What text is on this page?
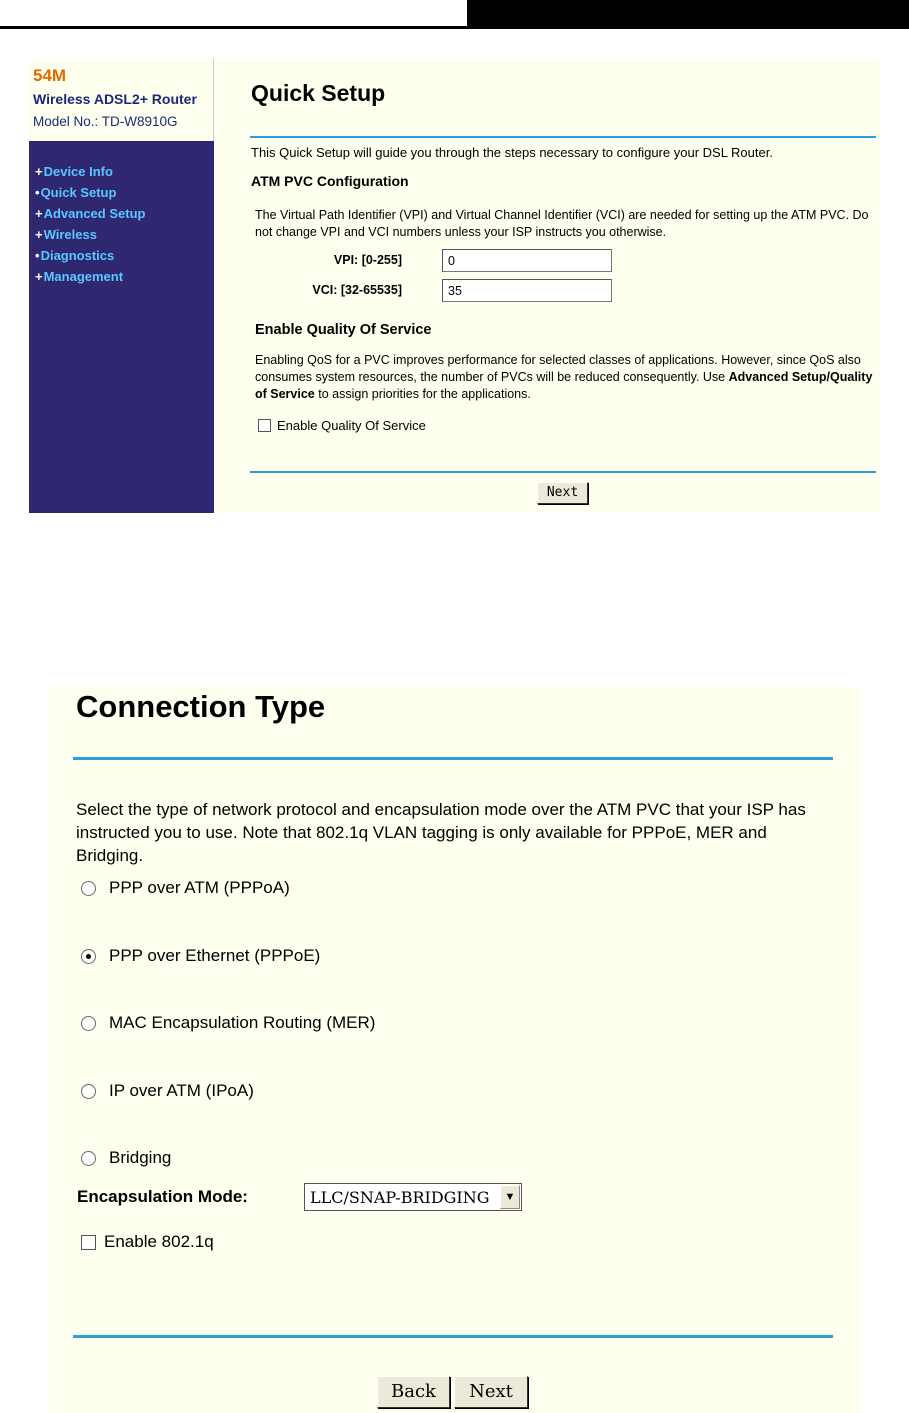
54M
Wireless ADSL2+ Router
Model No.: TD-W8910G
+Device Info
•Quick Setup
+Advanced Setup
+Wireless
•Diagnostics
+Management
Quick Setup
This Quick Setup will guide you through the steps necessary to configure your DSL Router.
ATM PVC Configuration
The Virtual Path Identifier (VPI) and Virtual Channel Identifier (VCI) are needed for setting up the ATM PVC. Do not change VPI and VCI numbers unless your ISP instructs you otherwise.
VPI: [0-255]
0
VCI: [32-65535]
35
Enable Quality Of Service
Enabling QoS for a PVC improves performance for selected classes of applications. However, since QoS also consumes system resources, the number of PVCs will be reduced consequently. Use Advanced Setup/Quality of Service to assign priorities for the applications.
Enable Quality Of Service
Next
Connection Type
Select the type of network protocol and encapsulation mode over the ATM PVC that your ISP has instructed you to use. Note that 802.1q VLAN tagging is only available for PPPoE, MER and Bridging.
PPP over ATM (PPPoA)
PPP over Ethernet (PPPoE)
MAC Encapsulation Routing (MER)
IP over ATM (IPoA)
Bridging
Encapsulation Mode:	LLC/SNAP-BRIDGING	▼
Enable 802.1q
Back	Next
